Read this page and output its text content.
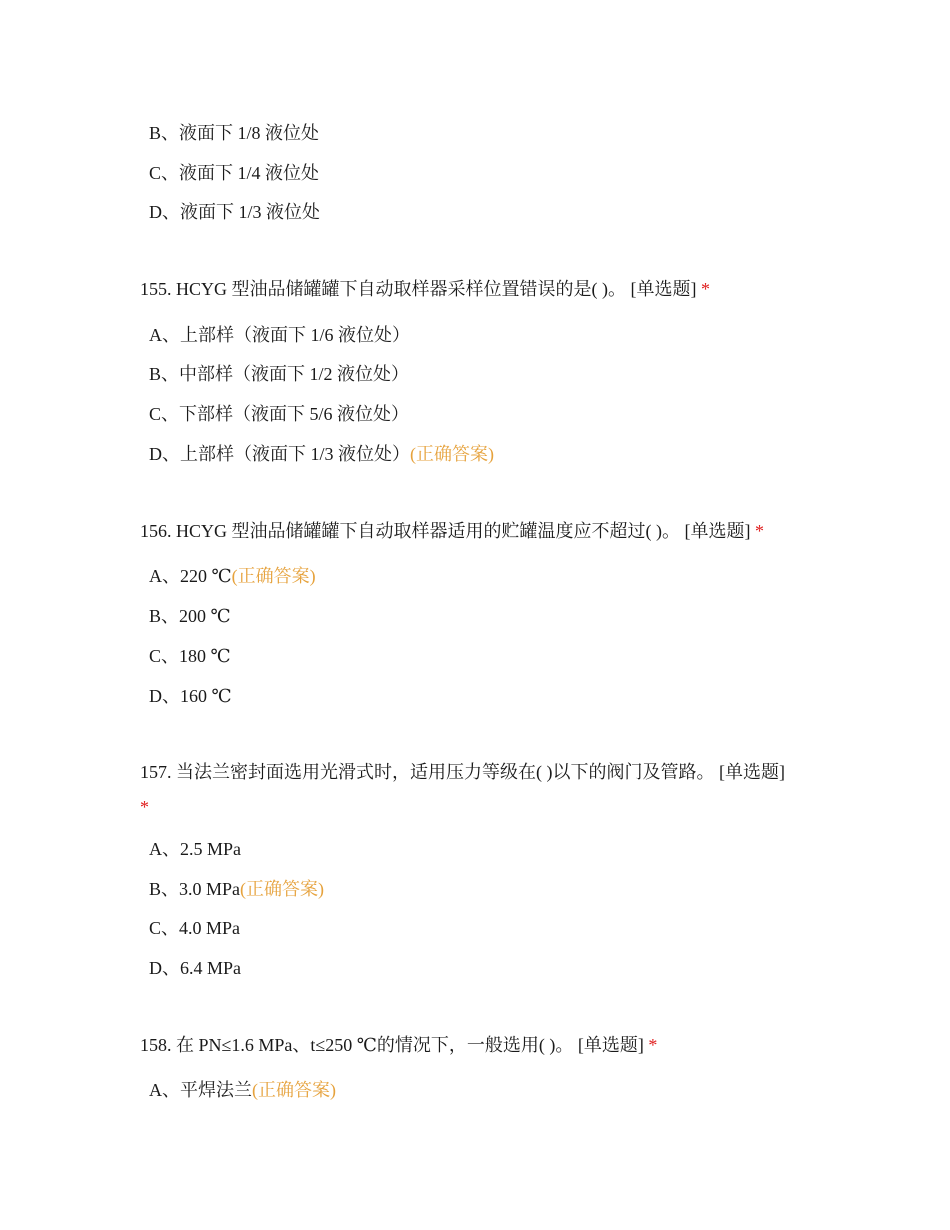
B、液面下 1/8 液位处
C、液面下 1/4 液位处
D、液面下 1/3 液位处
155. HCYG 型油品储罐罐下自动取样器采样位置错误的是( )。 [单选题] *
A、上部样（液面下 1/6 液位处）
B、中部样（液面下 1/2 液位处）
C、下部样（液面下 5/6 液位处）
D、上部样（液面下 1/3 液位处）(正确答案)
156. HCYG 型油品储罐罐下自动取样器适用的贮罐温度应不超过( )。 [单选题] *
A、220 ℃(正确答案)
B、200 ℃
C、180 ℃
D、160 ℃
157. 当法兰密封面选用光滑式时，适用压力等级在( )以下的阀门及管路。 [单选题]
*
A、2.5 MPa
B、3.0 MPa(正确答案)
C、4.0 MPa
D、6.4 MPa
158. 在 PN≤1.6 MPa、t≤250 ℃的情况下，一般选用( )。 [单选题] *
A、平焊法兰(正确答案)
